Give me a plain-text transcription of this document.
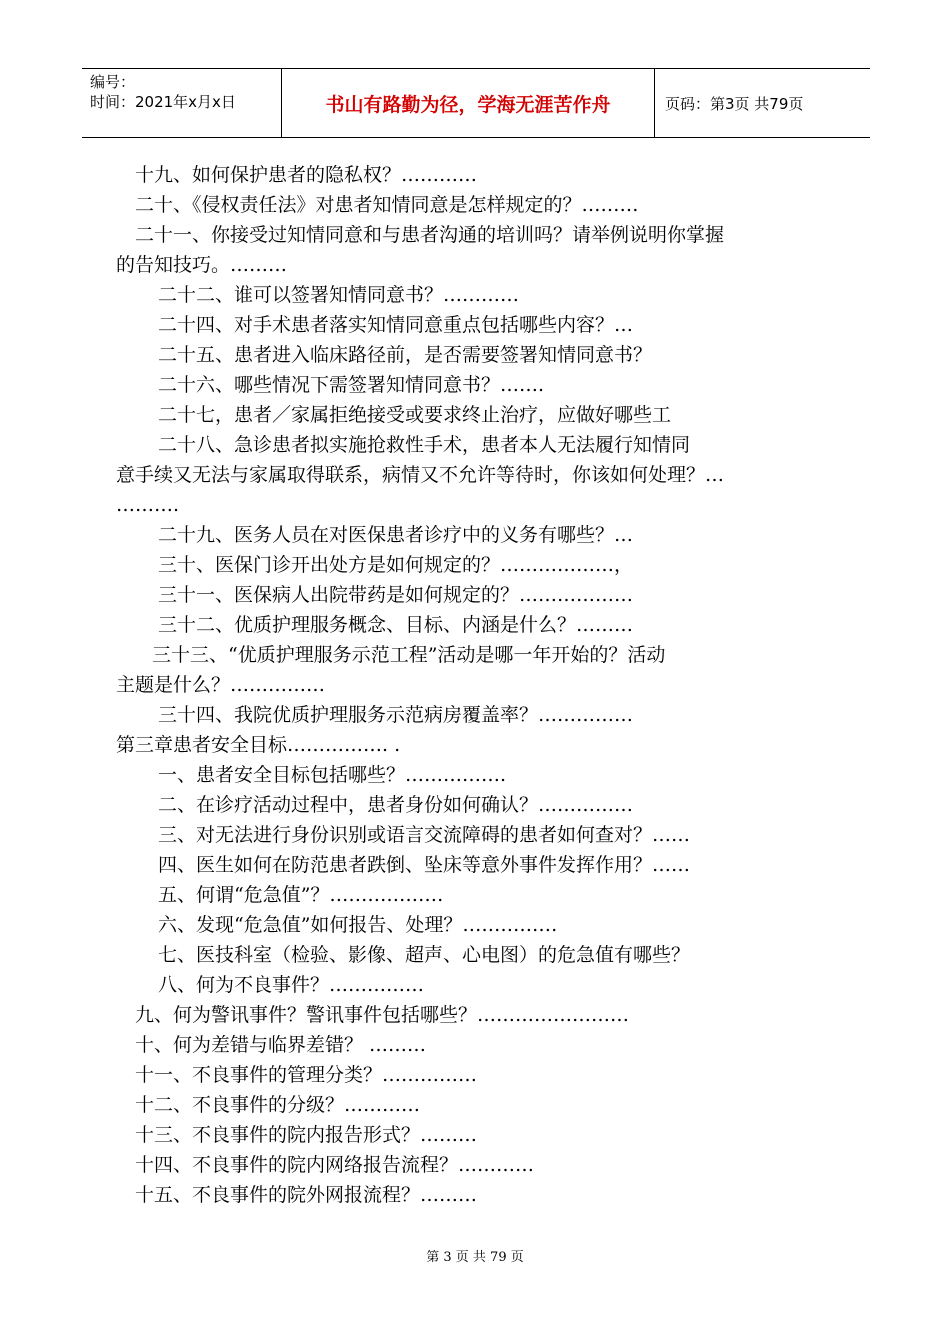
编号：
时间：2021年x月x日	书山有路勤为径，学海无涯苦作舟	页码：第3页 共79页
十九、如何保护患者的隐私权？…………
二十、《侵权责任法》对患者知情同意是怎样规定的？………
二十一、你接受过知情同意和与患者沟通的培训吗？请举例说明你掌握
的告知技巧。………
二十二、谁可以签署知情同意书？…………
二十四、对手术患者落实知情同意重点包括哪些内容？…
二十五、患者进入临床路径前，是否需要签署知情同意书？
二十六、哪些情况下需签署知情同意书？…….
二十七，患者／家属拒绝接受或要求终止治疗，应做好哪些工
二十八、急诊患者拟实施抢救性手术，患者本人无法履行知情同
意手续又无法与家属取得联系，病情又不允许等待时，你该如何处理？…
……….
二十九、医务人员在对医保患者诊疗中的义务有哪些？…
三十、医保门诊开出处方是如何规定的？………………，
三十一、医保病人出院带药是如何规定的？………………
三十二、优质护理服务概念、目标、内涵是什么？………
三十三、“优质护理服务示范工程”活动是哪一年开始的？活动
主题是什么？……………
三十四、我院优质护理服务示范病房覆盖率？……………
第三章患者安全目标……………. .
一、患者安全目标包括哪些？…………….
二、在诊疗活动过程中，患者身份如何确认？……………
三、对无法进行身份识别或语言交流障碍的患者如何查对？……
四、医生如何在防范患者跌倒、坠床等意外事件发挥作用？……
五、何谓“危急值”？………………
六、发现“危急值”如何报告、处理？……………
七、医技科室（检验、影像、超声、心电图）的危急值有哪些？
八、何为不良事件？……………
九、何为警讯事件？警讯事件包括哪些？……………………
十、何为差错与临界差错？ ………
十一、不良事件的管理分类？……………
十二、不良事件的分级？…………
十三、不良事件的院内报告形式？………
十四、不良事件的院内网络报告流程？…………
十五、不良事件的院外网报流程？………
第 3 页 共 79 页
